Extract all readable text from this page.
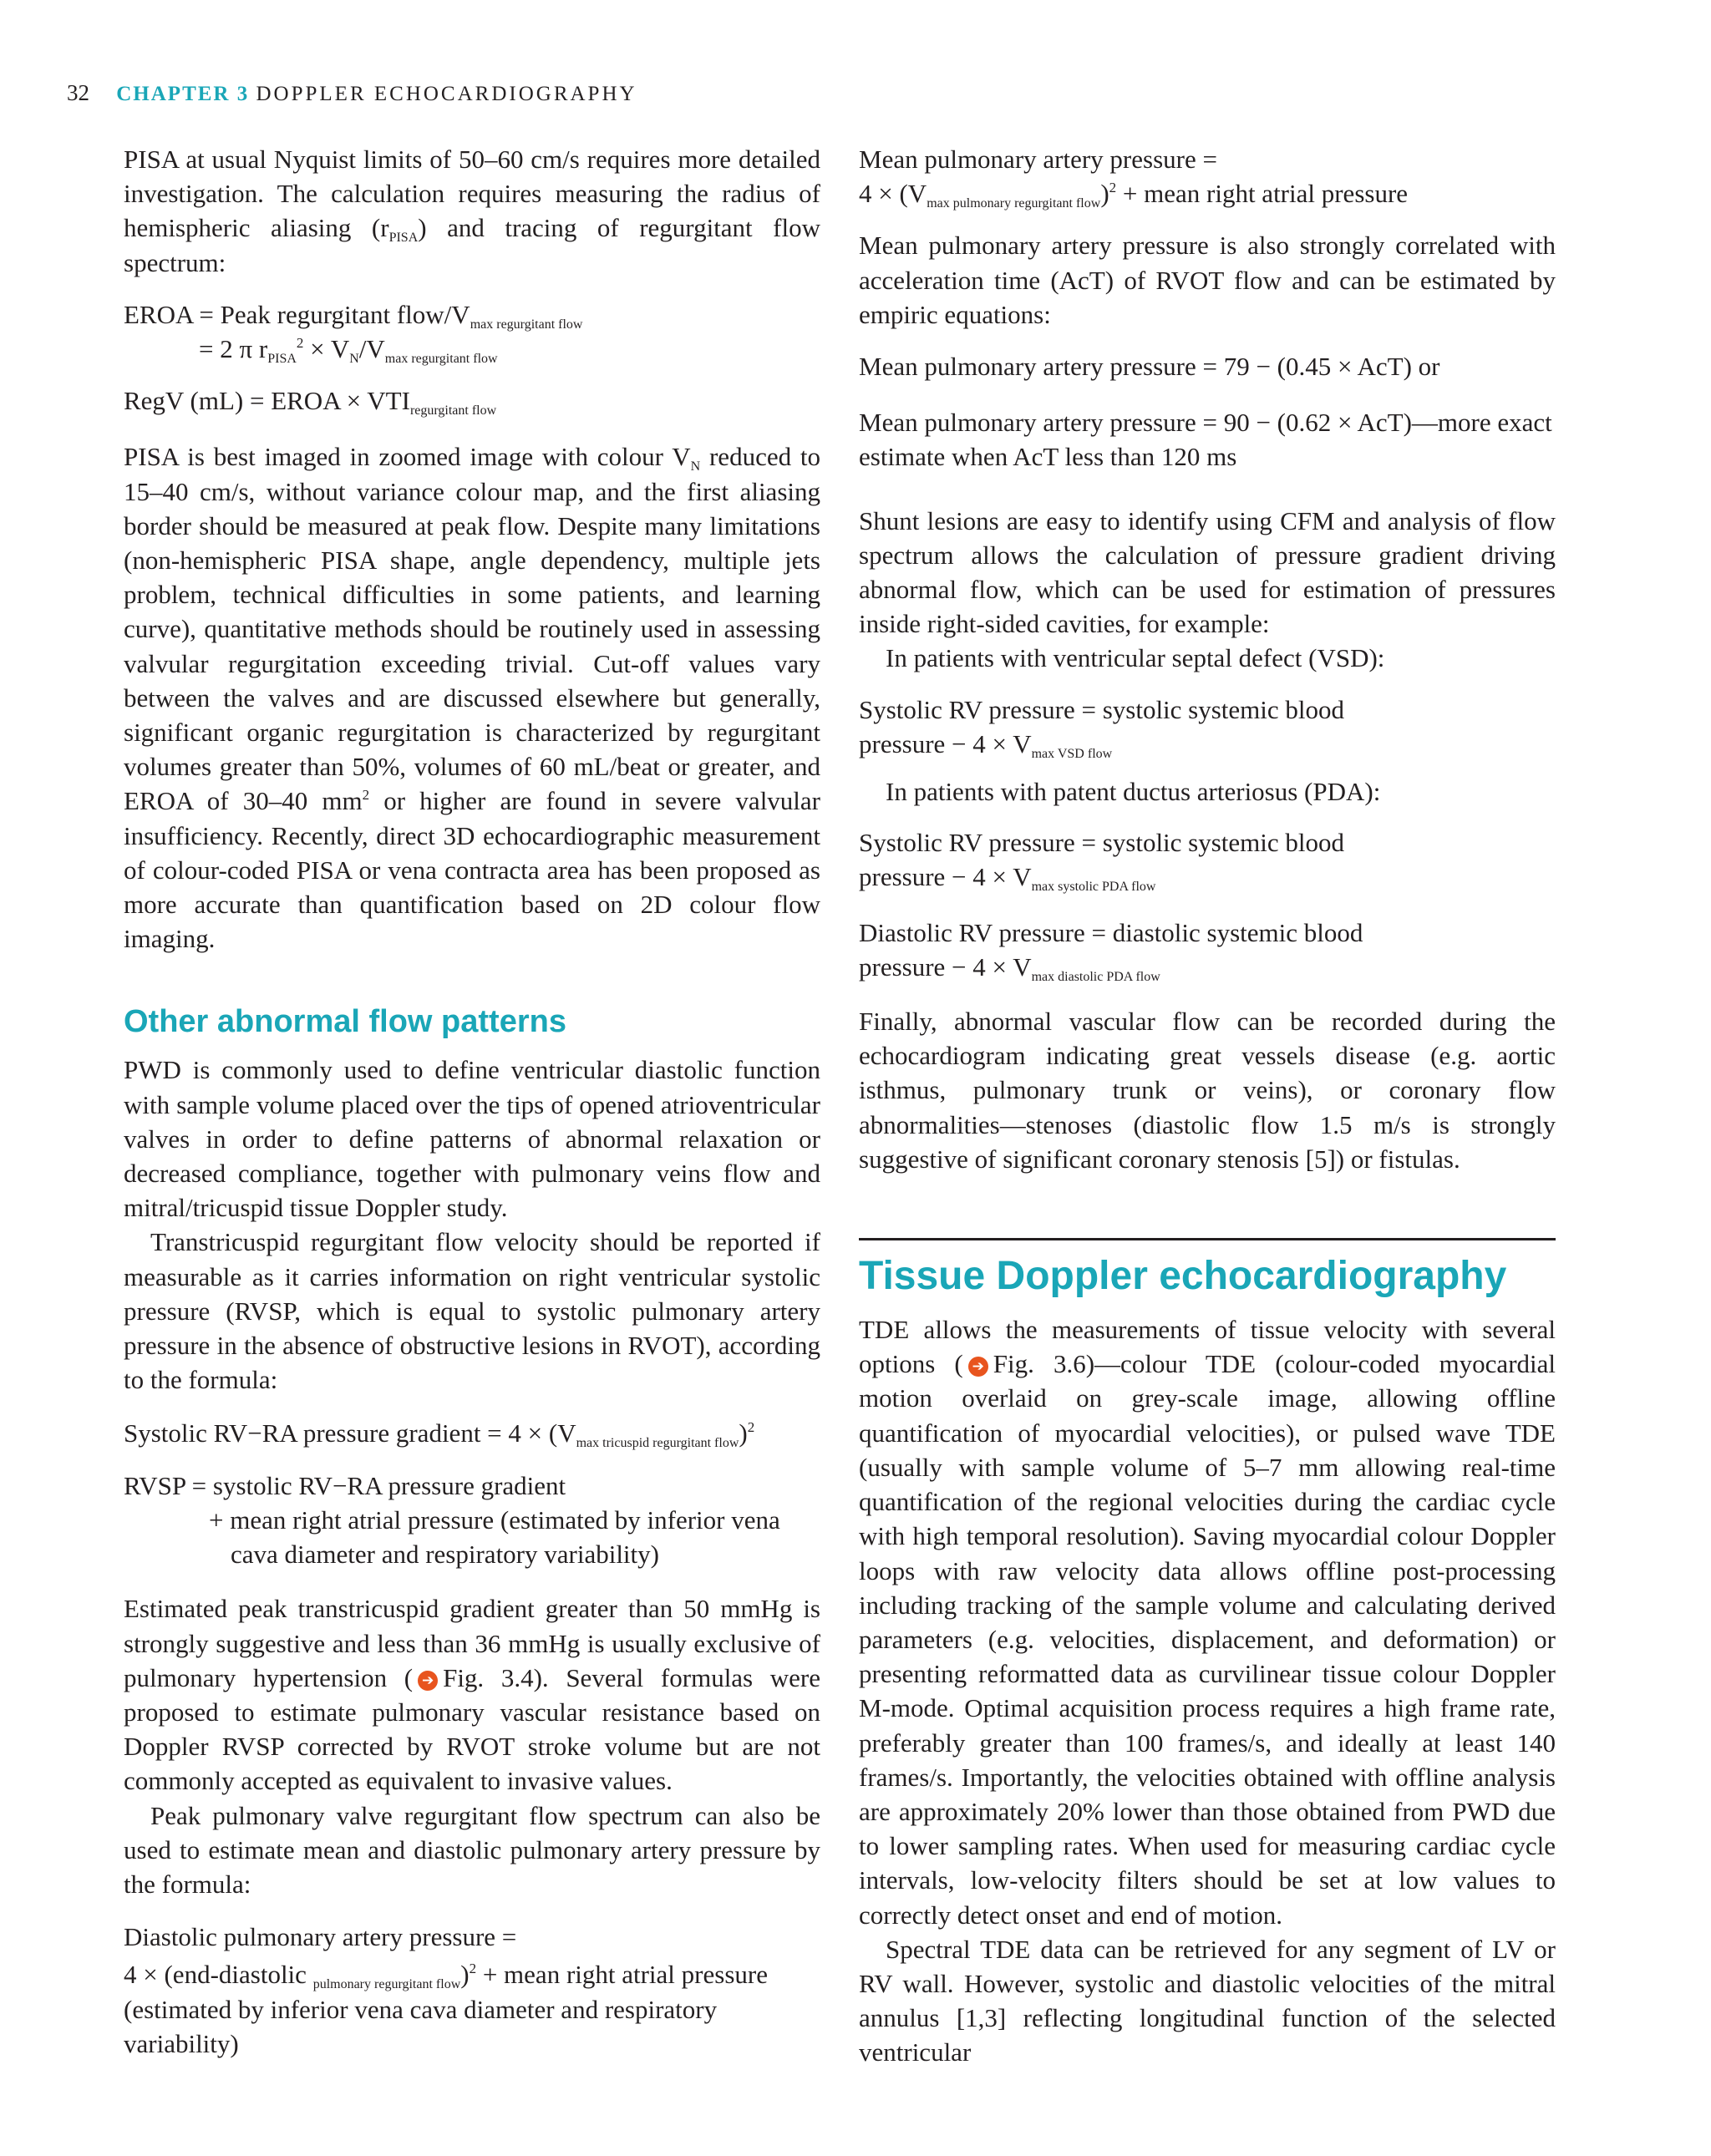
32 CHAPTER 3 DOPPLER ECHOCARDIOGRAPHY

PISA at usual Nyquist limits of 50–60 cm/s requires more detailed investigation. The calculation requires measuring the radius of hemispheric aliasing $(r_{PISA})$ and tracing of regurgitant flow spectrum:

EROA = Peak regurgitant flow/$V_{max regurgitant flow}$
= 2 π $r_{PISA}^2 \times V_N/V_{max regurgitant flow}$
RegV (mL) = EROA × $VTI_{regurgitant flow}$

PISA is best imaged in zoomed image with colour $V_N$ reduced to 15–40 cm/s, without variance colour map, and the first aliasing border should be measured at peak flow. Despite many limitations (non-hemispheric PISA shape, angle dependency, multiple jets problem, technical difficulties in some patients, and learning curve), quantitative methods should be routinely used in assessing valvular regurgitation exceeding trivial. Cut-off values vary between the valves and are discussed elsewhere but generally, significant organic regurgitation is characterized by regurgitant volumes greater than 50%, volumes of 60 mL/beat or greater, and EROA of 30–40 $mm^2$ or higher are found in severe valvular insufficiency. Recently, direct 3D echocardiographic measurement of colour-coded PISA or vena contracta area has been proposed as more accurate than quantification based on 2D colour flow imaging.

Other abnormal flow patterns

PWD is commonly used to define ventricular diastolic function with sample volume placed over the tips of opened atrioventricular valves in order to define patterns of abnormal relaxation or decreased compliance, together with pulmonary veins flow and mitral/tricuspid tissue Doppler study.

Transtricuspid regurgitant flow velocity should be reported if measurable as it carries information on right ventricular systolic pressure (RVSP, which is equal to systolic pulmonary artery pressure in the absence of obstructive lesions in RVOT), according to the formula:

Systolic RV−RA pressure gradient = $4 \times (V_{max tricuspid regurgitant flow})^2$
RVSP = systolic RV−RA pressure gradient
+ mean right atrial pressure (estimated by inferior vena
cava diameter and respiratory variability)

Estimated peak transtricuspid gradient greater than 50 mmHg is strongly suggestive and less than 36 mmHg is usually exclusive of pulmonary hypertension ( ➔ Fig. 3.4). Several formulas were proposed to estimate pulmonary vascular resistance based on Doppler RVSP corrected by RVOT stroke volume but are not commonly accepted as equivalent to invasive values.

Peak pulmonary valve regurgitant flow spectrum can also be used to estimate mean and diastolic pulmonary artery pressure by the formula:

Diastolic pulmonary artery pressure =
4 × (end-diastolic $_{pulmonary regurgitant flow}$)$^2$ + mean right atrial pressure
(estimated by inferior vena cava diameter and respiratory variability)
Mean pulmonary artery pressure =
$4 \times (V_{max pulmonary regurgitant flow})^2$ + mean right atrial pressure

Mean pulmonary artery pressure is also strongly correlated with acceleration time (AcT) of RVOT flow and can be estimated by empiric equations:

Mean pulmonary artery pressure = 79 − (0.45 × AcT) or
Mean pulmonary artery pressure = 90 − (0.62 × AcT)—more exact estimate when AcT less than 120 ms

Shunt lesions are easy to identify using CFM and analysis of flow spectrum allows the calculation of pressure gradient driving abnormal flow, which can be used for estimation of pressures inside right-sided cavities, for example:

In patients with ventricular septal defect (VSD):

Systolic RV pressure = systolic systemic blood
pressure − $4 \times V_{max VSD flow}$

In patients with patent ductus arteriosus (PDA):

Systolic RV pressure = systolic systemic blood
pressure − $4 \times V_{max systolic PDA flow}$
Diastolic RV pressure = diastolic systemic blood
pressure − $4 \times V_{max diastolic PDA flow}$

Finally, abnormal vascular flow can be recorded during the echocardiogram indicating great vessels disease (e.g. aortic isthmus, pulmonary trunk or veins), or coronary flow abnormalities—stenoses (diastolic flow 1.5 m/s is strongly suggestive of significant coronary stenosis [5]) or fistulas.

Tissue Doppler echocardiography

TDE allows the measurements of tissue velocity with several options ( ➔ Fig. 3.6)—colour TDE (colour-coded myocardial motion overlaid on grey-scale image, allowing offline quantification of myocardial velocities), or pulsed wave TDE (usually with sample volume of 5–7 mm allowing real-time quantification of the regional velocities during the cardiac cycle with high temporal resolution). Saving myocardial colour Doppler loops with raw velocity data allows offline post-processing including tracking of the sample volume and calculating derived parameters (e.g. velocities, displacement, and deformation) or presenting reformatted data as curvilinear tissue colour Doppler M-mode. Optimal acquisition process requires a high frame rate, preferably greater than 100 frames/s, and ideally at least 140 frames/s. Importantly, the velocities obtained with offline analysis are approximately 20% lower than those obtained from PWD due to lower sampling rates. When used for measuring cardiac cycle intervals, low-velocity filters should be set at low values to correctly detect onset and end of motion.

Spectral TDE data can be retrieved for any segment of LV or RV wall. However, systolic and diastolic velocities of the mitral annulus [1,3] reflecting longitudinal function of the selected ventricular
